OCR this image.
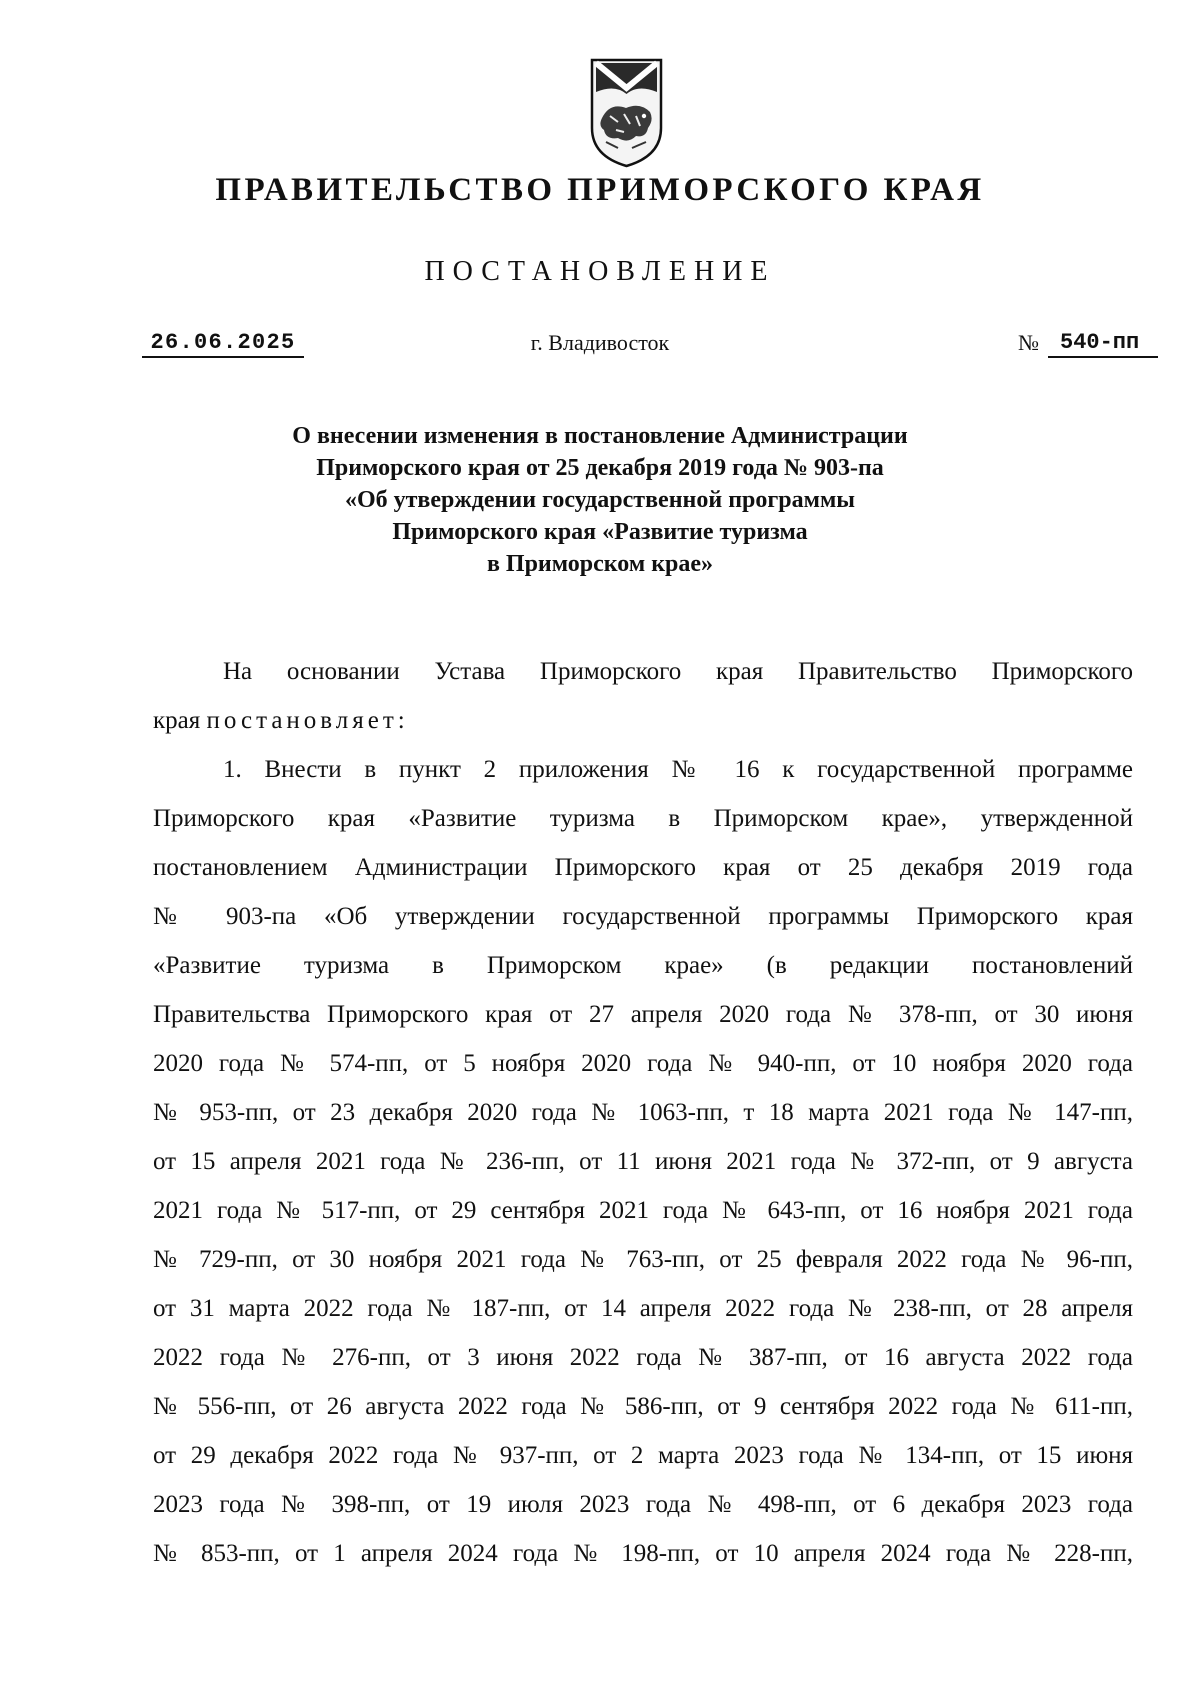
ПРАВИТЕЛЬСТВО ПРИМОРСКОГО КРАЯ
ПОСТАНОВЛЕНИЕ
26.06.2025	г. Владивосток	№ 540-пп
О внесении изменения в постановление Администрации
Приморского края от 25 декабря 2019 года № 903-па
«Об утверждении государственной программы
Приморского края «Развитие туризма
в Приморском крае»
На основании Устава Приморского края Правительство Приморского
края постановляет:
1. Внести в пункт 2 приложения № 16 к государственной программе
Приморского края «Развитие туризма в Приморском крае», утвержденной
постановлением Администрации Приморского края от 25 декабря 2019 года
№ 903-па «Об утверждении государственной программы Приморского края
«Развитие туризма в Приморском крае» (в редакции постановлений
Правительства Приморского края от 27 апреля 2020 года № 378-пп, от 30 июня
2020 года № 574-пп, от 5 ноября 2020 года № 940-пп, от 10 ноября 2020 года
№ 953-пп, от 23 декабря 2020 года № 1063-пп, т 18 марта 2021 года № 147-пп,
от 15 апреля 2021 года № 236-пп, от 11 июня 2021 года № 372-пп, от 9 августа
2021 года № 517-пп, от 29 сентября 2021 года № 643-пп, от 16 ноября 2021 года
№ 729-пп, от 30 ноября 2021 года № 763-пп, от 25 февраля 2022 года № 96-пп,
от 31 марта 2022 года № 187-пп, от 14 апреля 2022 года № 238-пп, от 28 апреля
2022 года № 276-пп, от 3 июня 2022 года № 387-пп, от 16 августа 2022 года
№ 556-пп, от 26 августа 2022 года № 586-пп, от 9 сентября 2022 года № 611-пп,
от 29 декабря 2022 года № 937-пп, от 2 марта 2023 года № 134-пп, от 15 июня
2023 года № 398-пп, от 19 июля 2023 года № 498-пп, от 6 декабря 2023 года
№ 853-пп, от 1 апреля 2024 года № 198-пп, от 10 апреля 2024 года № 228-пп,
